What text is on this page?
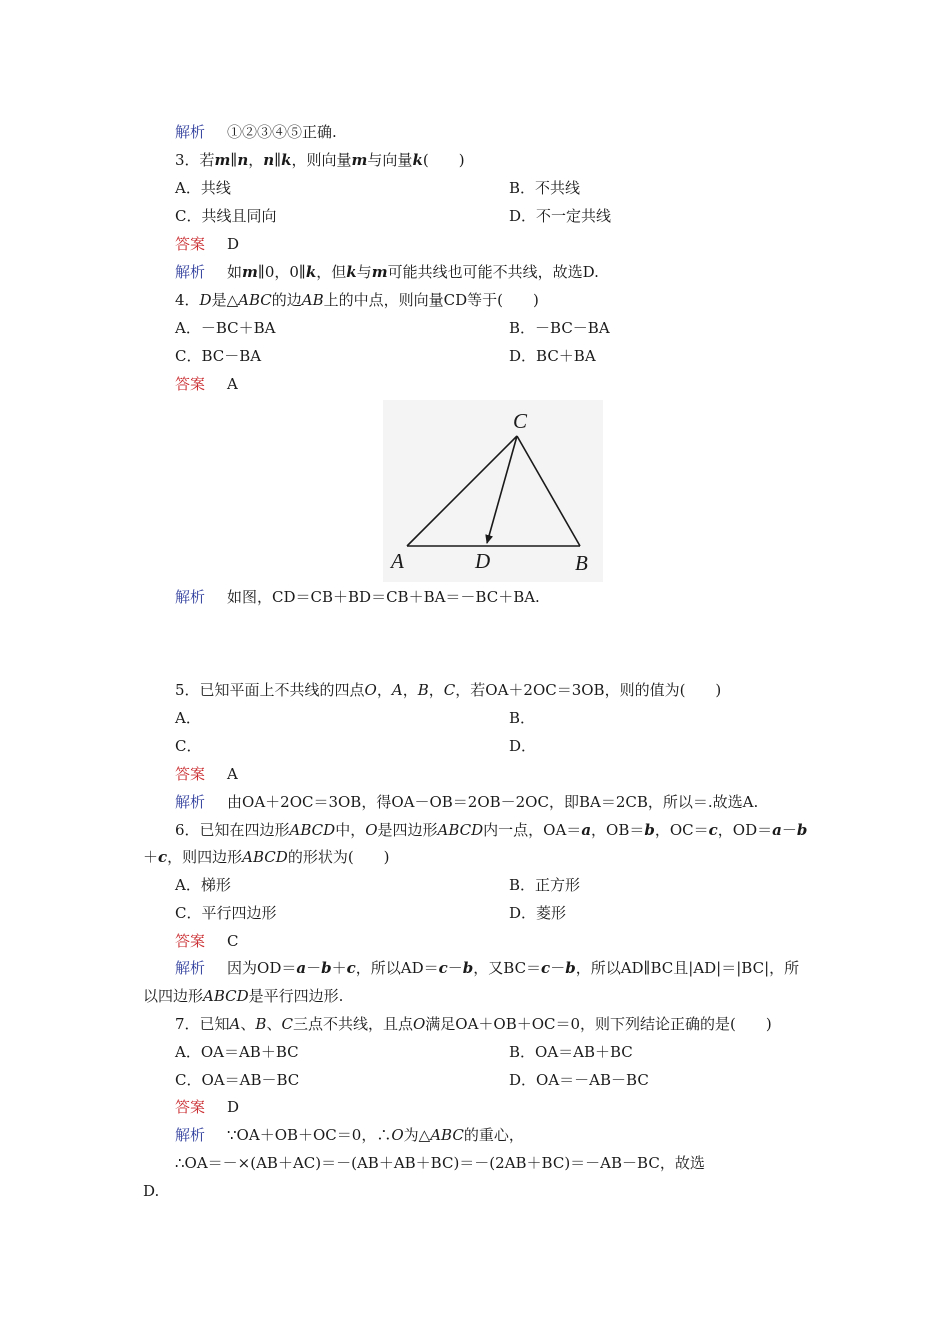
解析 ①②③④⑤正确.
3．若m∥n，n∥k，则向量m与向量k(　　)
A．共线	B．不共线
C．共线且同向	D．不一定共线
答案 D
解析 如m∥0，0∥k，但k与m可能共线也可能不共线，故选D.
4．D是△ABC的边AB上的中点，则向量CD等于(　　)
A．－BC＋BA	B．－BC－BA
C．BC－BA	D．BC＋BA
答案 A
C
A	D	B
解析 如图，CD＝CB＋BD＝CB＋BA＝－BC＋BA.
5．已知平面上不共线的四点O，A，B，C，若OA＋2OC＝3OB，则的值为(　　)
A．	B．
C．	D．
答案 A
解析 由OA＋2OC＝3OB，得OA－OB＝2OB－2OC，即BA＝2CB，所以＝.故选A.
6．已知在四边形ABCD中，O是四边形ABCD内一点，OA＝a，OB＝b，OC＝c，OD＝a－b
＋c，则四边形ABCD的形状为(　　)
A．梯形	B．正方形
C．平行四边形	D．菱形
答案 C
解析 因为OD＝a－b＋c，所以AD＝c－b，又BC＝c－b，所以AD∥BC且|AD|＝|BC|，所
以四边形ABCD是平行四边形.
7．已知A、B、C三点不共线，且点O满足OA＋OB＋OC＝0，则下列结论正确的是(　　)
A．OA＝AB＋BC	B．OA＝AB＋BC
C．OA＝AB－BC	D．OA＝－AB－BC
答案 D
解析 ∵OA＋OB＋OC＝0，∴O为△ABC的重心，
∴OA＝－×(AB＋AC)＝－(AB＋AB＋BC)＝－(2AB＋BC)＝－AB－BC，故选
D.
